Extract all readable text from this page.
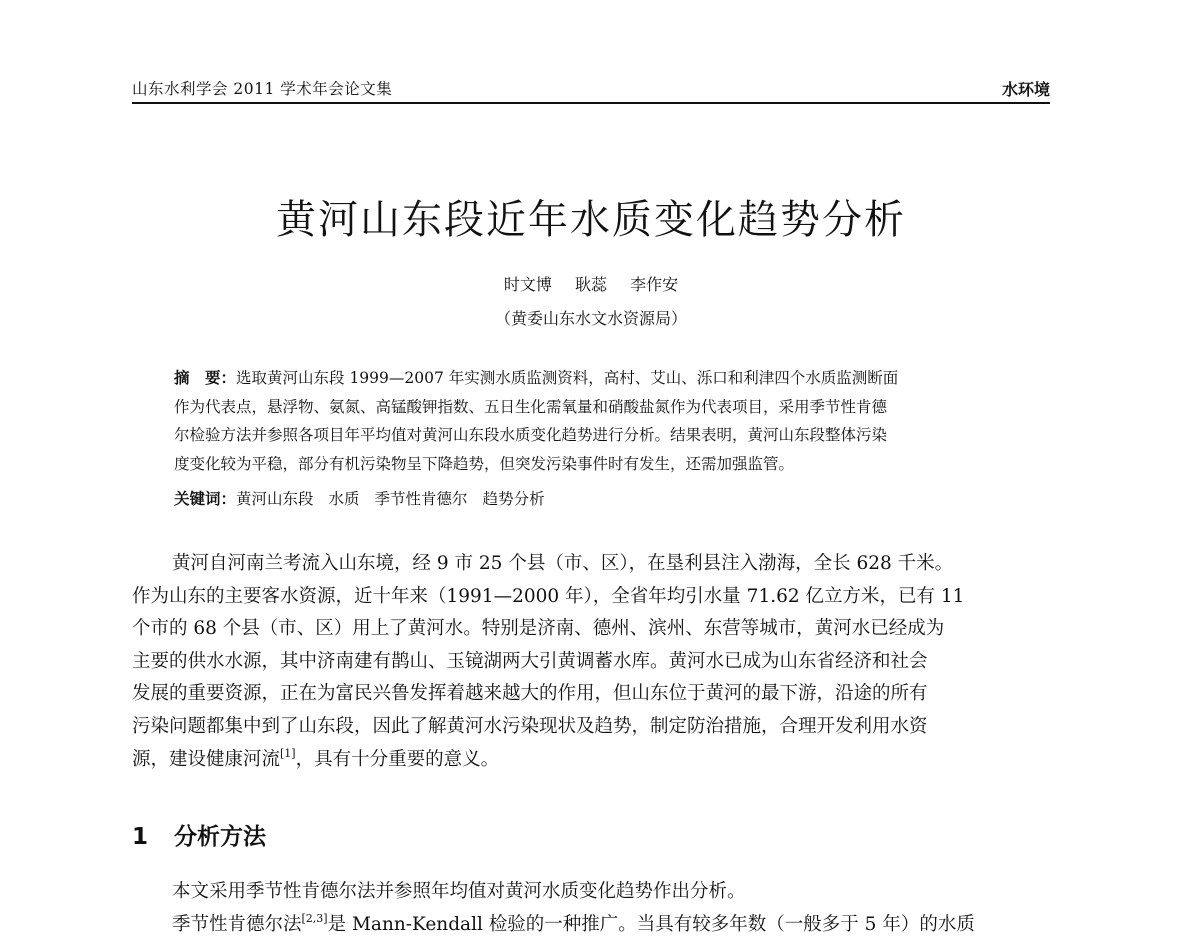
山东水利学会 2011 学术年会论文集	水环境
黄河山东段近年水质变化趋势分析
时文博 耿蕊 李作安
（黄委山东水文水资源局）
摘　要：选取黄河山东段 1999—2007 年实测水质监测资料，高村、艾山、泺口和利津四个水质监测断面
作为代表点，悬浮物、氨氮、高锰酸钾指数、五日生化需氧量和硝酸盐氮作为代表项目，采用季节性肯德
尔检验方法并参照各项目年平均值对黄河山东段水质变化趋势进行分析。结果表明，黄河山东段整体污染
度变化较为平稳，部分有机污染物呈下降趋势，但突发污染事件时有发生，还需加强监管。
关键词：黄河山东段 水质 季节性肯德尔 趋势分析
黄河自河南兰考流入山东境，经 9 市 25 个县（市、区），在垦利县注入渤海，全长 628 千米。
作为山东的主要客水资源，近十年来（1991—2000 年），全省年均引水量 71.62 亿立方米，已有 11
个市的 68 个县（市、区）用上了黄河水。特别是济南、德州、滨州、东营等城市，黄河水已经成为
主要的供水水源，其中济南建有鹊山、玉镜湖两大引黄调蓄水库。黄河水已成为山东省经济和社会
发展的重要资源，正在为富民兴鲁发挥着越来越大的作用，但山东位于黄河的最下游，沿途的所有
污染问题都集中到了山东段，因此了解黄河水污染现状及趋势，制定防治措施，合理开发利用水资
源，建设健康河流[1]，具有十分重要的意义。
1 分析方法
本文采用季节性肯德尔法并参照年均值对黄河水质变化趋势作出分析。
季节性肯德尔法[2,3]是 Mann-Kendall 检验的一种推广。当具有较多年数（一般多于 5 年）的水质
